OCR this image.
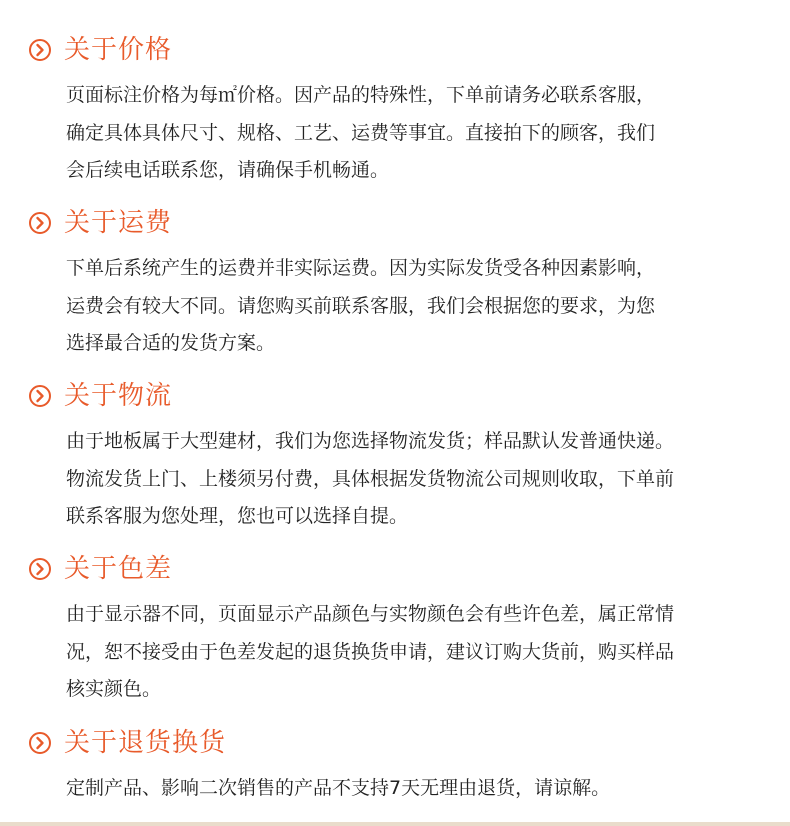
关于价格
页面标注价格为每㎡价格。因产品的特殊性，下单前请务必联系客服，
确定具体具体尺寸、规格、工艺、运费等事宜。直接拍下的顾客，我们
会后续电话联系您，请确保手机畅通。
关于运费
下单后系统产生的运费并非实际运费。因为实际发货受各种因素影响，
运费会有较大不同。请您购买前联系客服，我们会根据您的要求，为您
选择最合适的发货方案。
关于物流
由于地板属于大型建材，我们为您选择物流发货；样品默认发普通快递。
物流发货上门、上楼须另付费，具体根据发货物流公司规则收取，下单前
联系客服为您处理，您也可以选择自提。
关于色差
由于显示器不同，页面显示产品颜色与实物颜色会有些许色差，属正常情
况，恕不接受由于色差发起的退货换货申请，建议订购大货前，购买样品
核实颜色。
关于退货换货
定制产品、影响二次销售的产品不支持7天无理由退货，请谅解。
